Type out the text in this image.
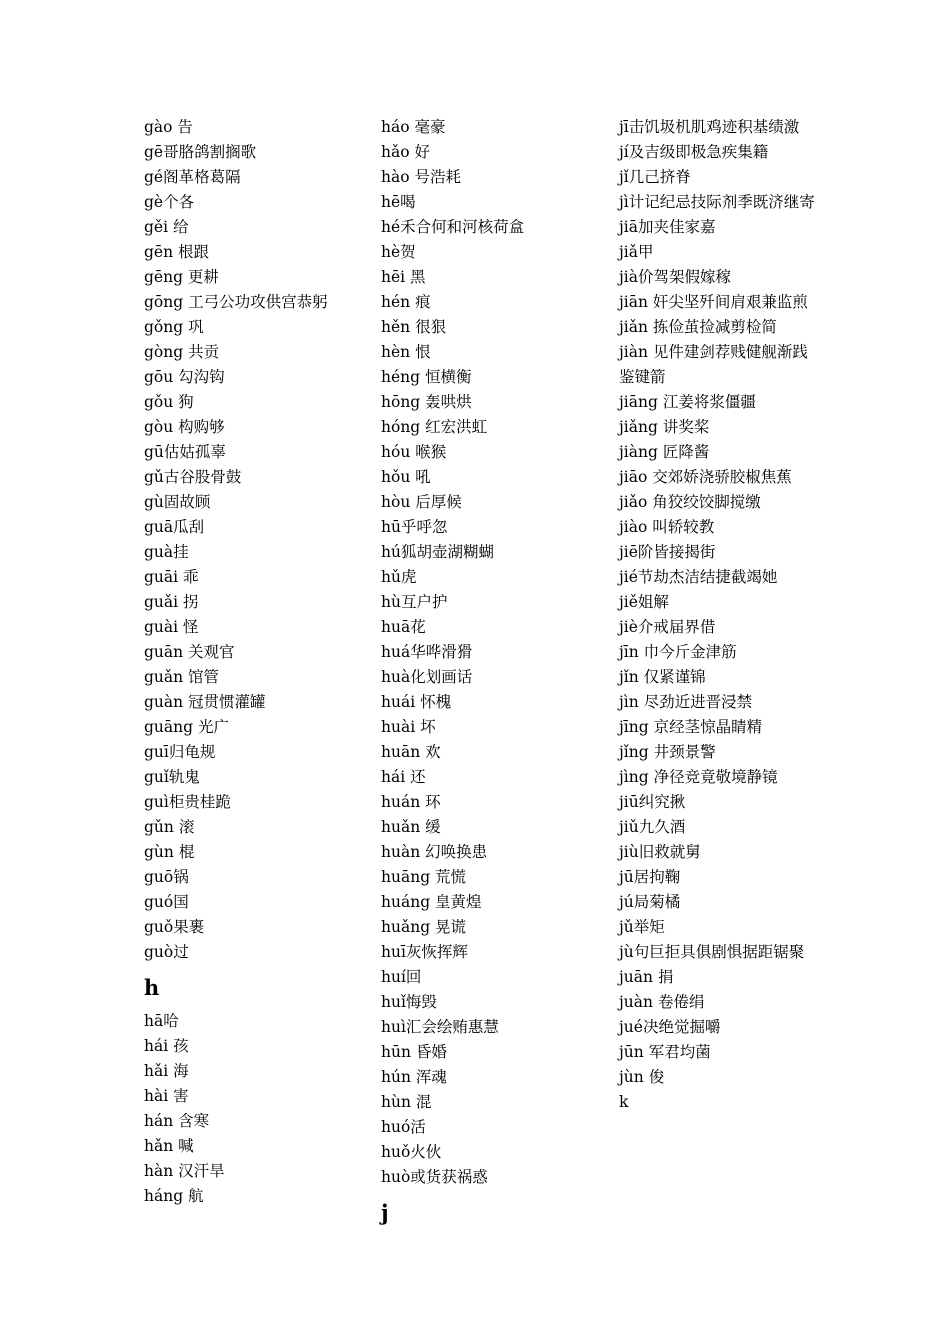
gào 告
gē哥胳鸽割搁歌
gé阁革格葛隔
gè个各
gěi 给
gēn 根跟
gēng 更耕
gōng 工弓公功攻供宫恭躬
gǒng 巩
gòng 共贡
gōu 勾沟钩
gǒu 狗
gòu 构购够
gū估姑孤辜
gǔ古谷股骨鼓
gù固故顾
guā瓜刮
guà挂
guāi 乖
guǎi 拐
guài 怪
guān 关观官
guǎn 馆管
guàn 冠贯惯灌罐
guāng 光广
guī归龟规
guǐ轨鬼
guì柜贵桂跪
gǔn 滚
gùn 棍
guō锅
guó国
guǒ果裹
guò过
h
hā哈
hái 孩
hǎi 海
hài 害
hán 含寒
hǎn 喊
hàn 汉汗旱
háng 航
háo 毫豪
hǎo 好
hào 号浩耗
hē喝
hé禾合何和河核荷盒
hè贺
hēi 黑
hén 痕
hěn 很狠
hèn 恨
héng 恒横衡
hōng 轰哄烘
hóng 红宏洪虹
hóu 喉猴
hǒu 吼
hòu 后厚候
hū乎呼忽
hú狐胡壶湖糊蝴
hǔ虎
hù互户护
huā花
huá华哗滑猾
huà化划画话
huái 怀槐
huài 坏
huān 欢
hái 还
huán 环
huǎn 缓
huàn 幻唤换患
huāng 荒慌
huáng 皇黄煌
huǎng 晃谎
huī灰恢挥辉
huí回
huǐ悔毁
huì汇会绘贿惠慧
hūn 昏婚
hún 浑魂
hùn 混
huó活
huǒ火伙
huò或货获祸惑
j
jī击饥圾机肌鸡迹积基绩激
jí及吉级即极急疾集籍
jǐ几己挤脊
jì计记纪忌技际剂季既济继寄
jiā加夹佳家嘉
jiǎ甲
jià价驾架假嫁稼
jiān 奸尖坚歼间肩艰兼监煎
jiǎn 拣俭茧捡减剪检简
jiàn 见件建剑荐贱健舰渐践鉴键箭
jiāng 江姜将浆僵疆
jiǎng 讲奖桨
jiàng 匠降酱
jiāo 交郊娇浇骄胶椒焦蕉
jiǎo 角狡绞饺脚搅缴
jiào 叫轿较教
jiē阶皆接揭街
jié节劫杰洁结捷截竭她
jiě姐解
jiè介戒届界借
jīn 巾今斤金津筋
jǐn 仅紧谨锦
jìn 尽劲近进晋浸禁
jīng 京经茎惊晶睛精
jǐng 井颈景警
jìng 净径竞竟敬境静镜
jiū纠究揪
jiǔ九久酒
jiù旧救就舅
jū居拘鞠
jú局菊橘
jǔ举矩
jù句巨拒具俱剧惧据距锯聚
juān 捐
juàn 卷倦绢
jué决绝觉掘嚼
jūn 军君均菌
jùn 俊
k
